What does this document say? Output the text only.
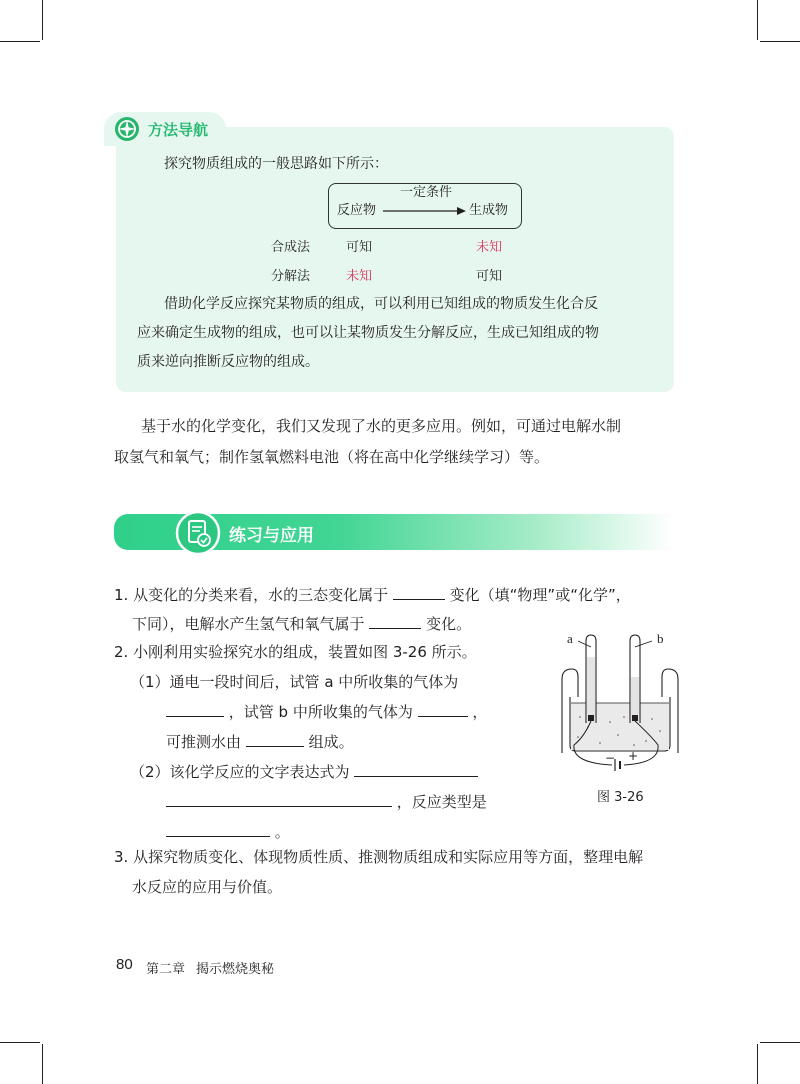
方法导航
探究物质组成的一般思路如下所示：
一定条件
反应物	生成物
合成法	可知	未知
分解法	未知	可知
借助化学反应探究某物质的组成，可以利用已知组成的物质发生化合反
应来确定生成物的组成，也可以让某物质发生分解反应，生成已知组成的物
质来逆向推断反应物的组成。
基于水的化学变化，我们又发现了水的更多应用。例如，可通过电解水制
取氢气和氧气；制作氢氧燃料电池（将在高中化学继续学习）等。
练习与应用
1. 从变化的分类来看，水的三态变化属于	变化（填“物理”或“化学”，
下同），电解水产生氢气和氧气属于	变化。
2. 小刚利用实验探究水的组成，装置如图 3-26 所示。
（1）通电一段时间后，试管 a 中所收集的气体为
，试管 b 中所收集的气体为	，
可推测水由	组成。
（2）该化学反应的文字表达式为
，反应类型是
。
a	b
− +
图 3-26
3. 从探究物质变化、体现物质性质、推测物质组成和实际应用等方面，整理电解
水反应的应用与价值。
80 第二章 揭示燃烧奥秘
